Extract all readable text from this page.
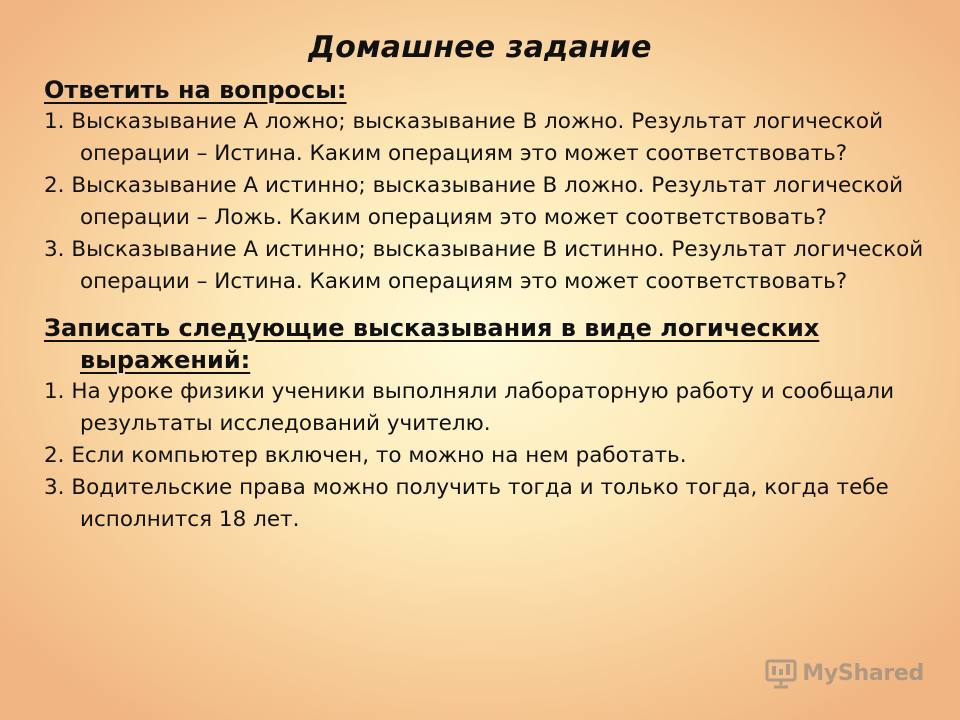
Домашнее задание
Ответить на вопросы:
1. Высказывание А ложно; высказывание В ложно. Результат логической операции – Истина. Каким операциям это может соответствовать?
2. Высказывание А истинно; высказывание В ложно. Результат логической операции – Ложь. Каким операциям это может соответствовать?
3. Высказывание А истинно; высказывание В истинно. Результат логической операции – Истина. Каким операциям это может соответствовать?
Записать следующие высказывания в виде логических выражений:
1. На уроке физики ученики выполняли лабораторную работу и сообщали результаты исследований учителю.
2. Если компьютер включен, то можно на нем работать.
3. Водительские права можно получить тогда и только тогда, когда тебе исполнится 18 лет.
MyShared
